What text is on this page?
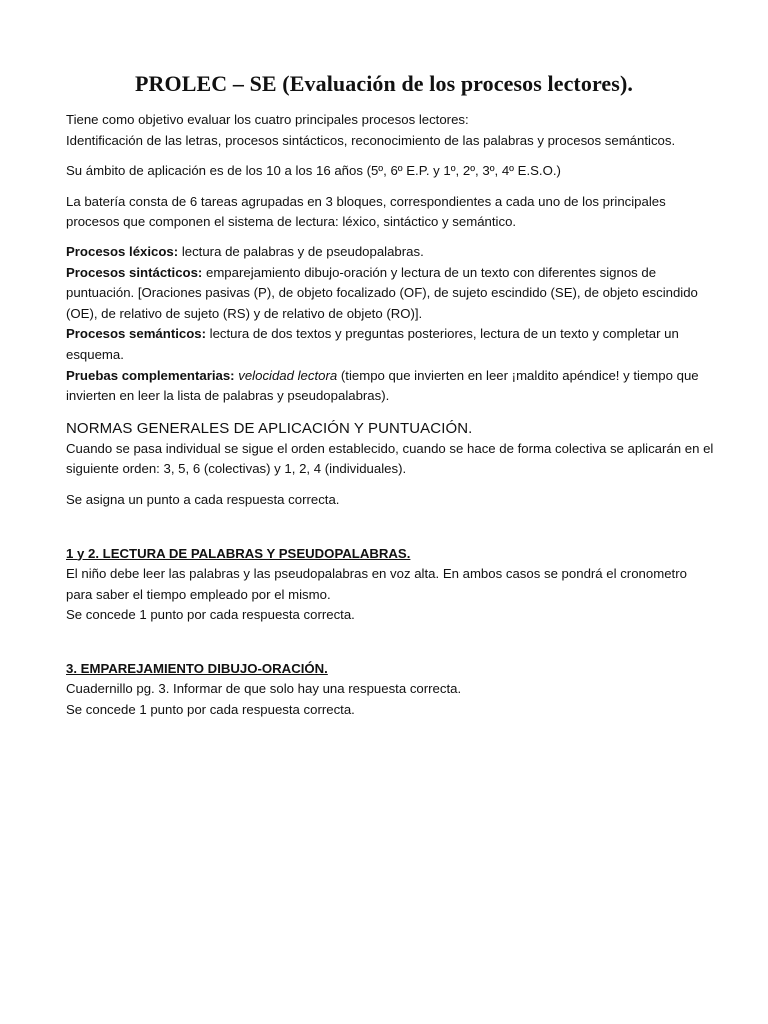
PROLEC – SE (Evaluación de los procesos lectores).

Tiene como objetivo evaluar los cuatro principales procesos lectores:

Identificación de las letras, procesos sintácticos, reconocimiento de las palabras y procesos semánticos.

Su ámbito de aplicación es de los 10 a los 16 años (5º, 6º E.P. y 1º, 2º, 3º, 4º E.S.O.)

La batería consta de 6 tareas agrupadas en 3 bloques, correspondientes a cada uno de los principales procesos que componen el sistema de lectura: léxico, sintáctico y semántico.

Procesos léxicos: lectura de palabras y de pseudopalabras.

Procesos sintácticos: emparejamiento dibujo-oración y lectura de un texto con diferentes signos de puntuación. [Oraciones pasivas (P), de objeto focalizado (OF), de sujeto escindido (SE), de objeto escindido (OE), de relativo de sujeto (RS) y de relativo de objeto (RO)].

Procesos semánticos: lectura de dos textos y preguntas posteriores, lectura de un texto y completar un esquema.

Pruebas complementarias: velocidad lectora (tiempo que invierten en leer ¡maldito apéndice! y tiempo que invierten en leer la lista de palabras y pseudopalabras).

NORMAS GENERALES DE APLICACIÓN Y PUNTUACIÓN.

Cuando se pasa individual se sigue el orden establecido, cuando se hace de forma colectiva se aplicarán en el siguiente orden: 3, 5, 6 (colectivas) y 1, 2, 4 (individuales).

Se asigna un punto a cada respuesta correcta.

1 y 2. LECTURA DE PALABRAS Y PSEUDOPALABRAS.

El niño debe leer las palabras y las pseudopalabras en voz alta. En ambos casos se pondrá el cronometro para saber el tiempo empleado por el mismo.

Se concede 1 punto por cada respuesta correcta.

3. EMPAREJAMIENTO DIBUJO-ORACIÓN.

Cuadernillo pg. 3. Informar de que solo hay una respuesta correcta.

Se concede 1 punto por cada respuesta correcta.
